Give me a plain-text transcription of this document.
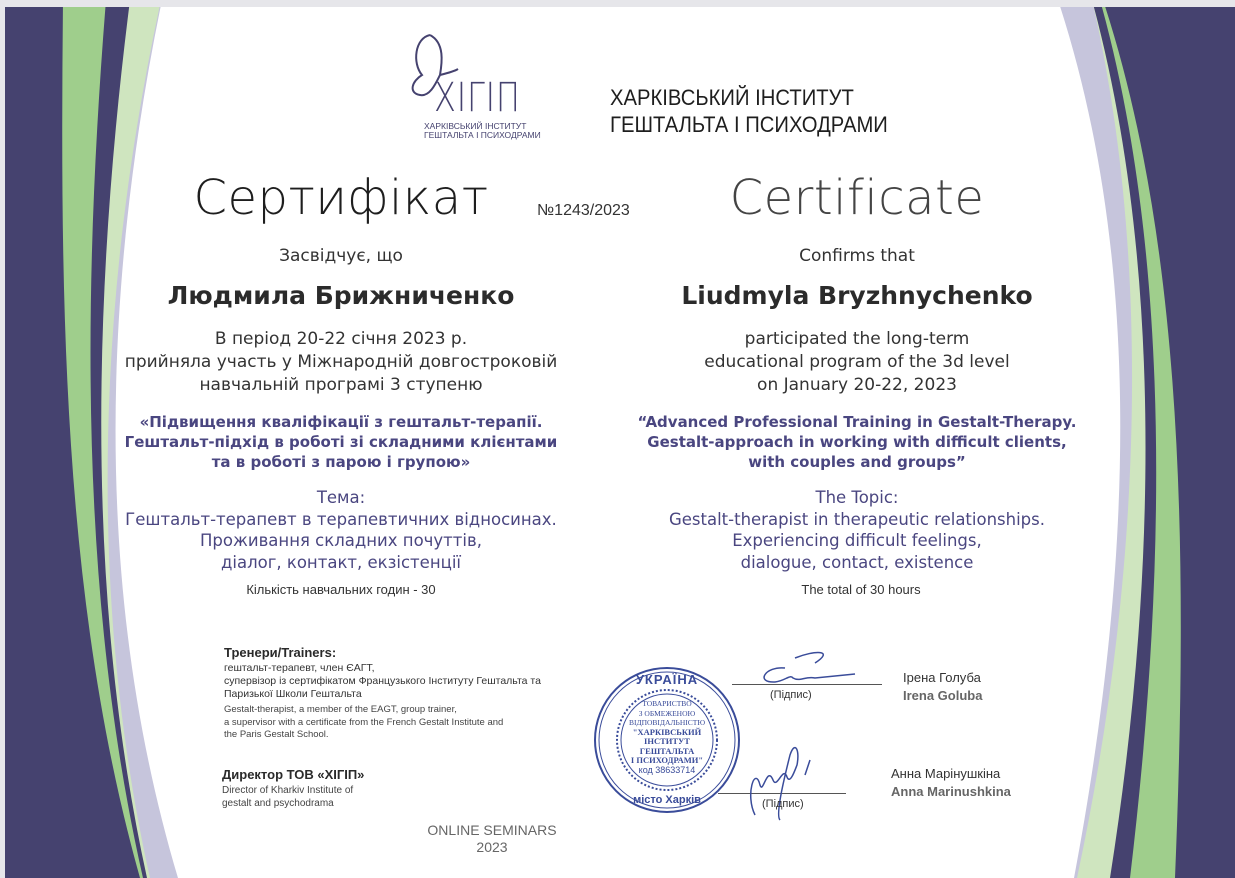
ХІГІП
ХАРКІВСЬКИЙ ІНСТИТУТ
ГЕШТАЛЬТА І ПСИХОДРАМИ
ХАРКІВСЬКИЙ ІНСТИТУТ
ГЕШТАЛЬТА І ПСИХОДРАМИ
Сертифікат	№1243/2023	Certificate
Засвідчує, що	Confirms that
Людмила Брижниченко	Liudmyla Bryzhnychenko
В період 20-22 січня 2023 р.
прийняла участь у Міжнародній довгостроковій
навчальній програмі 3 ступеню
participated the long-term
educational program of the 3d level
on January 20-22, 2023
«Підвищення кваліфікації з гештальт-терапії.
Гештальт-підхід в роботі зі складними клієнтами
та в роботі з парою і групою»
“Advanced Professional Training in Gestalt-Therapy.
Gestalt-approach in working with difficult clients,
with couples and groups”
Тема:
Гештальт-терапевт в терапевтичних відносинах.
Проживання складних почуттів,
діалог, контакт, екзістенції
The Topic:
Gestalt-therapist in therapeutic relationships.
Experiencing difficult feelings,
dialogue, contact, existence
Кількість навчальних годин - 30	The total of 30 hours
Тренери/Trainers:
гештальт-терапевт, член ЄАГТ,
супервізор із сертифікатом Французького Інституту Гештальта та
Паризької Школи Гештальта
Gestalt-therapist, a member of the EAGT, group trainer,
a supervisor with a certificate from the French Gestalt Institute and
the Paris Gestalt School.
Директор ТОВ «ХІГІП»
Director of Kharkiv Institute of
gestalt and psychodrama
ONLINE SEMINARS
2023
(Підпис)
Ірена Голуба
Irena Goluba
(Підпис)
Анна Марінушкіна
Anna Marinushkina
УКРАЇНА
місто Харків
ТОВАРИСТВО
З ОБМЕЖЕНОЮ
ВІДПОВІДАЛЬНІСТЮ
"ХАРКІВСЬКИЙ
ІНСТИТУТ
ГЕШТАЛЬТА
І ПСИХОДРАМИ"
код 38633714
